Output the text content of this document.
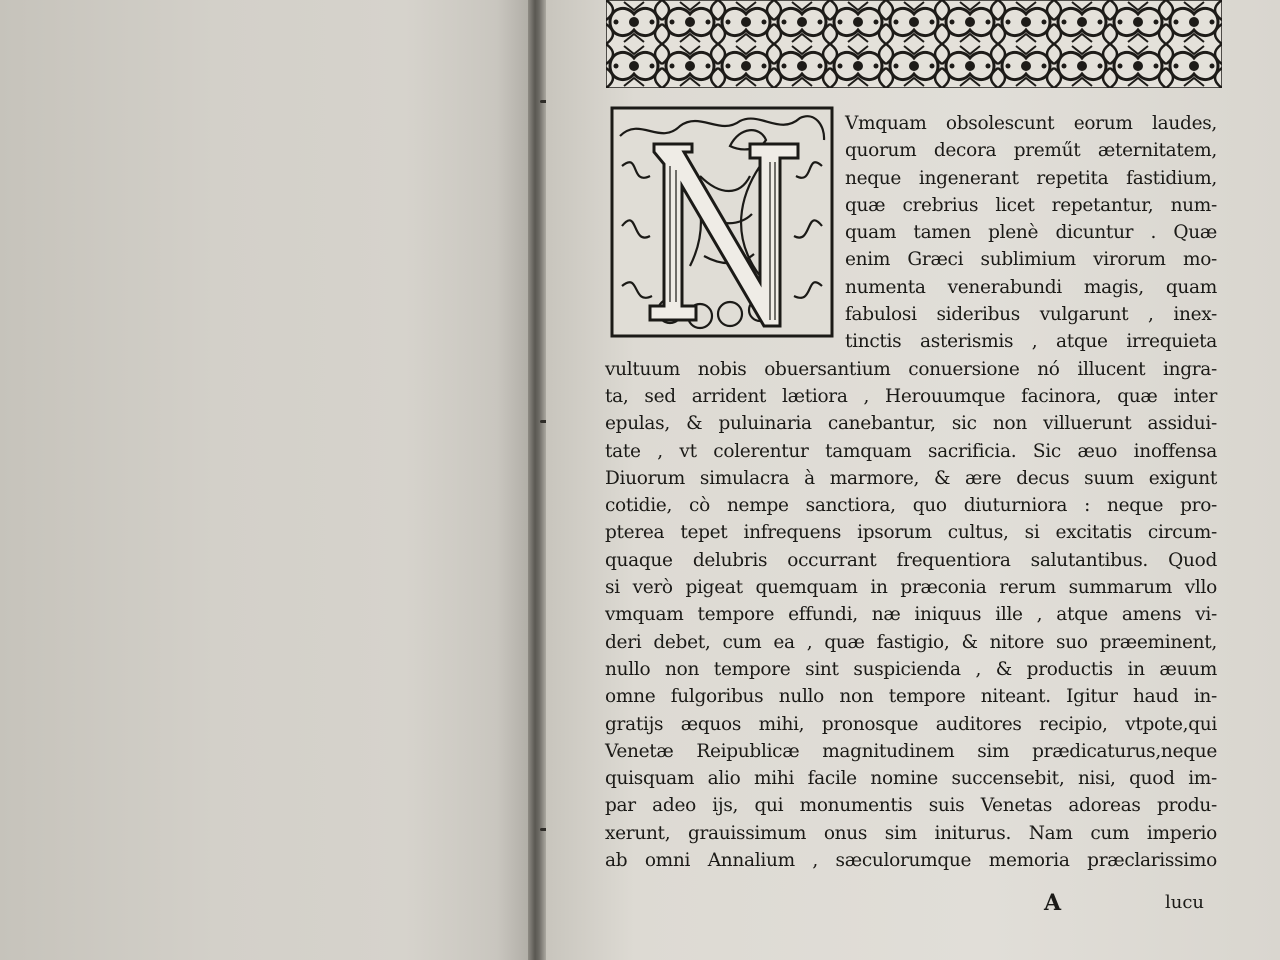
Vmquam obsolescunt eorum laudes,
quorum decora preműt æternitatem,
neque ingenerant repetita fastidium,
quæ crebrius licet repetantur, num-
quam tamen plenè dicuntur . Quæ
enim Græci sublimium virorum mo-
numenta venerabundi magis, quam
fabulosi sideribus vulgarunt , inex-
tinctis asterismis , atque irrequieta
vultuum nobis obuersantium conuersione nó illucent ingra-
ta, sed arrident lætiora , Herouumque facinora, quæ inter
epulas, & puluinaria canebantur, sic non villuerunt assidui-
tate , vt colerentur tamquam sacrificia. Sic æuo inoffensa
Diuorum simulacra à marmore, & ære decus suum exigunt
cotidie, cò nempe sanctiora, quo diuturniora : neque pro-
pterea tepet infrequens ipsorum cultus, si excitatis circum-
quaque delubris occurrant frequentiora salutantibus. Quod
si verò pigeat quemquam in præconia rerum summarum vllo
vmquam tempore effundi, næ iniquus ille , atque amens vi-
deri debet, cum ea , quæ fastigio, & nitore suo præeminent,
nullo non tempore sint suspicienda , & productis in æuum
omne fulgoribus nullo non tempore niteant. Igitur haud in-
gratijs æquos mihi, pronosque auditores recipio, vtpote,qui
Venetæ Reipublicæ magnitudinem sim prædicaturus,neque
quisquam alio mihi facile nomine succensebit, nisi, quod im-
par adeo ijs, qui monumentis suis Venetas adoreas produ-
xerunt, grauissimum onus sim initurus. Nam cum imperio
ab omni Annalium , sæculorumque memoria præclarissimo
A	lucu
